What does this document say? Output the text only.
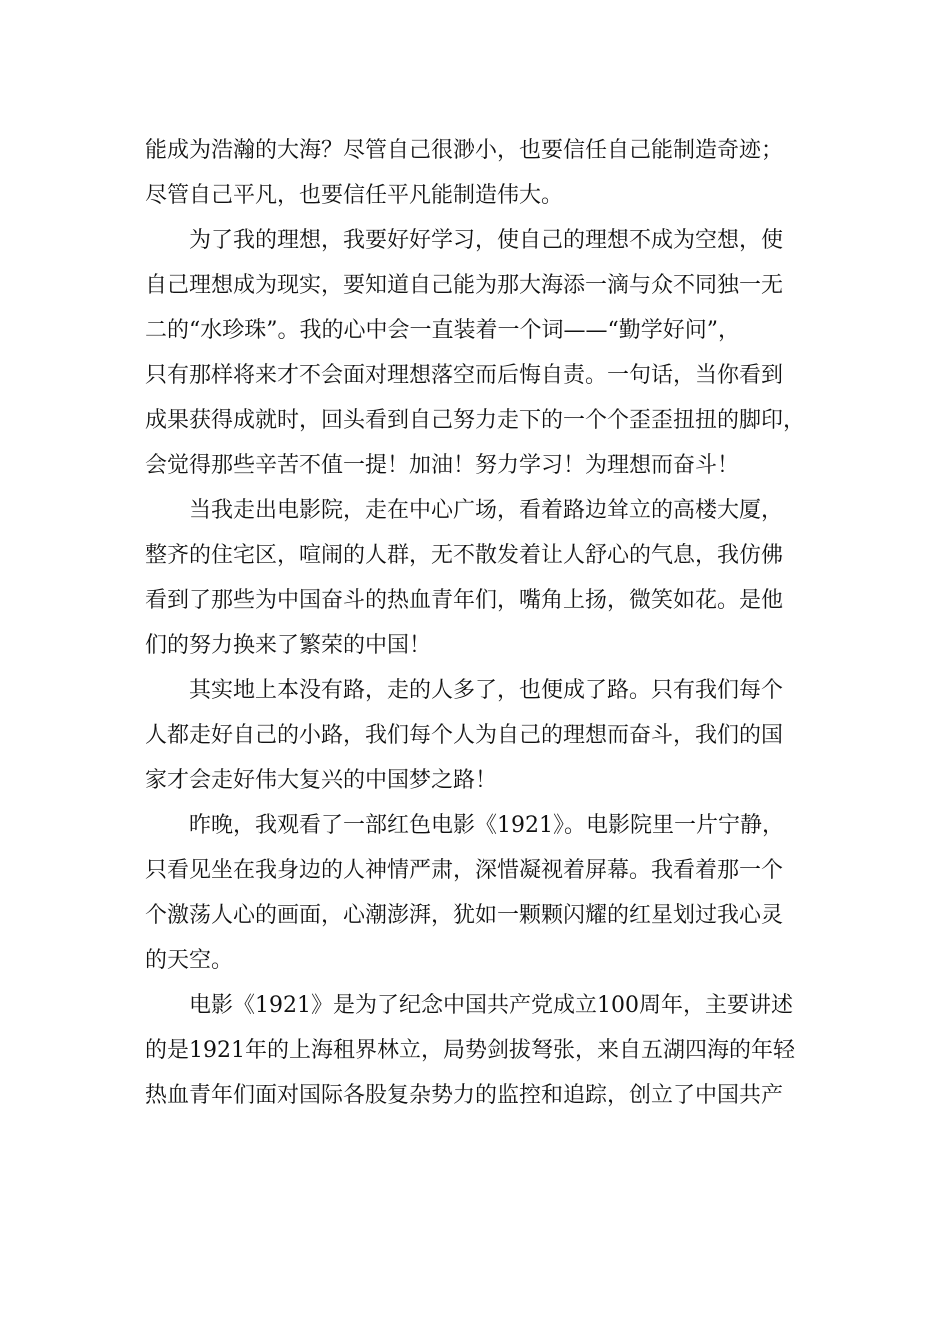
能成为浩瀚的大海？尽管自己很渺小，也要信任自己能制造奇迹；
尽管自己平凡，也要信任平凡能制造伟大。
为了我的理想，我要好好学习，使自己的理想不成为空想，使
自己理想成为现实，要知道自己能为那大海添一滴与众不同独一无
二的“水珍珠”。我的心中会一直装着一个词——“勤学好问”，
只有那样将来才不会面对理想落空而后悔自责。一句话，当你看到
成果获得成就时，回头看到自己努力走下的一个个歪歪扭扭的脚印，
会觉得那些辛苦不值一提！加油！努力学习！为理想而奋斗！
当我走出电影院，走在中心广场，看着路边耸立的高楼大厦，
整齐的住宅区，喧闹的人群，无不散发着让人舒心的气息，我仿佛
看到了那些为中国奋斗的热血青年们，嘴角上扬，微笑如花。是他
们的努力换来了繁荣的中国！
其实地上本没有路，走的人多了，也便成了路。只有我们每个
人都走好自己的小路，我们每个人为自己的理想而奋斗，我们的国
家才会走好伟大复兴的中国梦之路！
昨晚，我观看了一部红色电影《1921》。电影院里一片宁静，
只看见坐在我身边的人神情严肃，深惜凝视着屏幕。我看着那一个
个激荡人心的画面，心潮澎湃，犹如一颗颗闪耀的红星划过我心灵
的天空。
电影《1921》是为了纪念中国共产党成立100周年，主要讲述
的是1921年的上海租界林立，局势剑拔弩张，来自五湖四海的年轻
热血青年们面对国际各股复杂势力的监控和追踪，创立了中国共产
